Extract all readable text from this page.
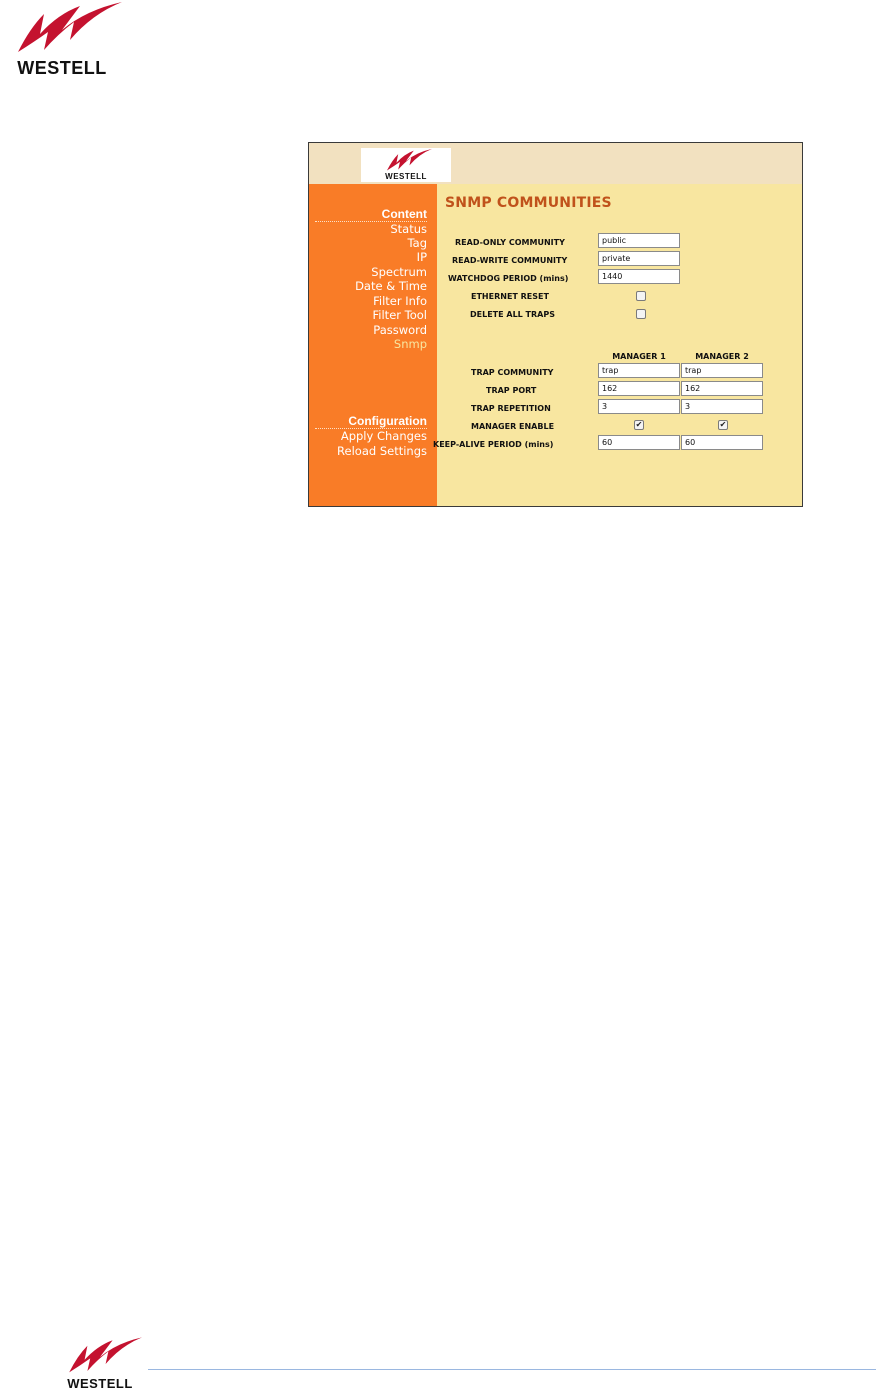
WESTELL
WESTELL
Content
Status
Tag
IP
Spectrum
Date & Time
Filter Info
Filter Tool
Password
Snmp
Configuration
Apply Changes
Reload Settings
SNMP COMMUNITIES
READ-ONLY COMMUNITY	public
READ-WRITE COMMUNITY	private
WATCHDOG PERIOD (mins)	1440
ETHERNET RESET
DELETE ALL TRAPS
MANAGER 1	MANAGER 2
TRAP COMMUNITY	trap	trap
TRAP PORT	162	162
TRAP REPETITION	3	3
MANAGER ENABLE	✔	✔
KEEP-ALIVE PERIOD (mins)	60	60
WESTELL
